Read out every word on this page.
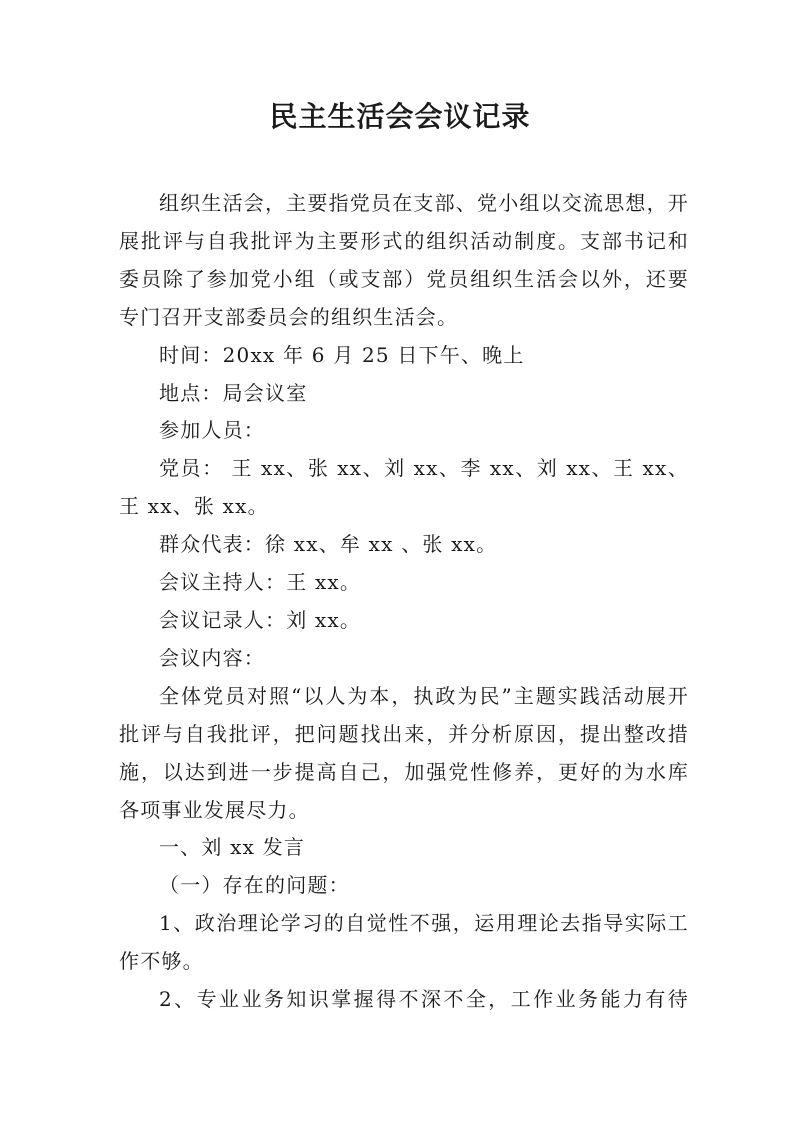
民主生活会会议记录

组织生活会，主要指党员在支部、党小组以交流思想，开展批评与自我批评为主要形式的组织活动制度。支部书记和委员除了参加党小组（或支部）党员组织生活会以外，还要专门召开支部委员会的组织生活会。

时间：20xx 年 6 月 25 日下午、晚上

地点：局会议室

参加人员：

党员： 王 xx、张 xx、刘 xx、李 xx、刘 xx、王 xx、王 xx、张 xx。

群众代表：徐 xx、牟 xx 、张 xx。

会议主持人：王 xx。

会议记录人：刘 xx。

会议内容：

全体党员对照“以人为本，执政为民”主题实践活动展开批评与自我批评，把问题找出来，并分析原因，提出整改措施，以达到进一步提高自己，加强党性修养，更好的为水库各项事业发展尽力。

一、刘 xx 发言

（一）存在的问题：

1、政治理论学习的自觉性不强，运用理论去指导实际工作不够。

2、专业业务知识掌握得不深不全，工作业务能力有待
